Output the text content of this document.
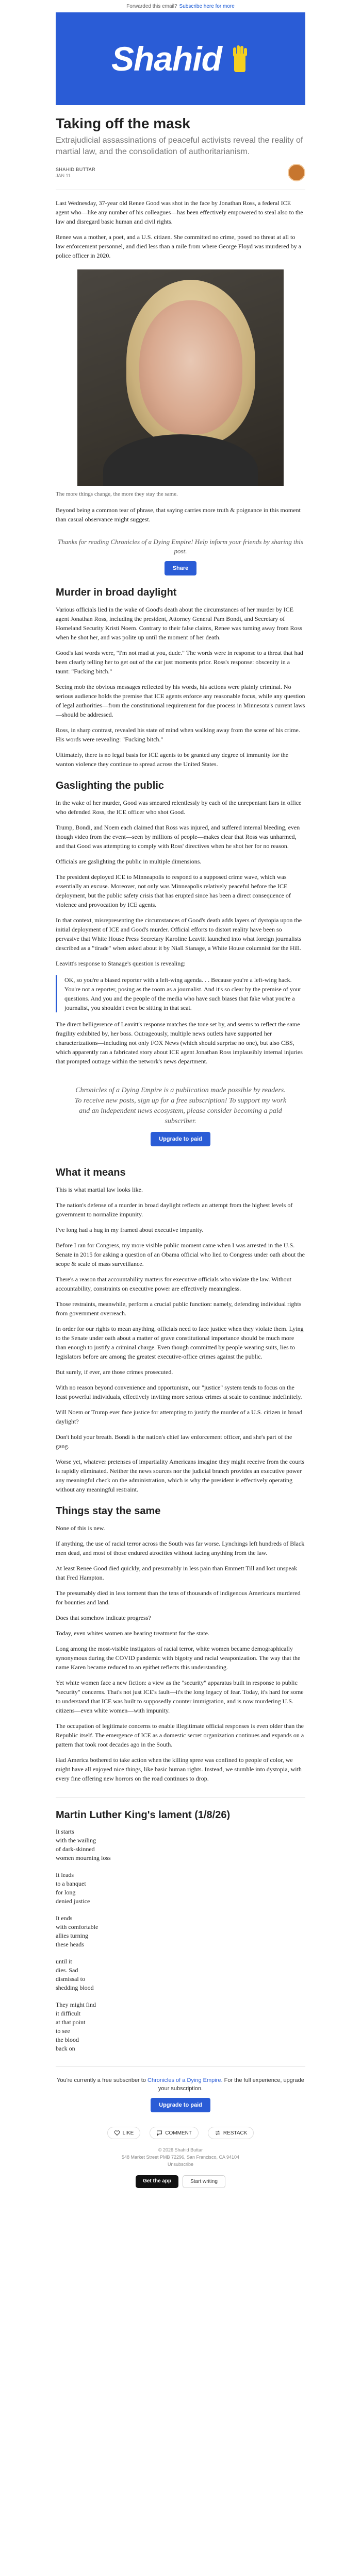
Forwarded this email? Subscribe here for more
Shahid
Taking off the mask
Extrajudicial assassinations of peaceful activists reveal the reality of martial law, and the consolidation of authoritarianism.
SHAHID BUTTAR
JAN 11

Last Wednesday, 37-year old Renee Good was shot in the face by Jonathan Ross, a federal ICE agent who—like any number of his colleagues—has been effectively empowered to steal also to the law and disregard basic human and civil rights.

Renee was a mother, a poet, and a U.S. citizen. She committed no crime, posed no threat at all to law enforcement personnel, and died less than a mile from where George Floyd was murdered by a police officer in 2020.

The more things change, the more they stay the same.

Beyond being a common tear of phrase, that saying carries more truth & poignance in this moment than casual observance might suggest.

Thanks for reading Chronicles of a Dying Empire! Help inform your friends by sharing this post.
Share
Murder in broad daylight

Various officials lied in the wake of Good's death about the circumstances of her murder by ICE agent Jonathan Ross, including the president, Attorney General Pam Bondi, and Secretary of Homeland Security Kristi Noem. Contrary to their false claims, Renee was turning away from Ross when he shot her, and was polite up until the moment of her death.

Good's last words were, "I'm not mad at you, dude." The words were in response to a threat that had been clearly telling her to get out of the car just moments prior. Ross's response: obscenity in a taunt: "Fucking bitch."

Seeing mob the obvious messages reflected by his words, his actions were plainly criminal. No serious audience holds the premise that ICE agents enforce any reasonable focus, while any question of legal authorities—from the constitutional requirement for due process in Minnesota's current laws—should be addressed.

Ross, in sharp contrast, revealed his state of mind when walking away from the scene of his crime. His words were revealing: "Fucking bitch."

Ultimately, there is no legal basis for ICE agents to be granted any degree of immunity for the wanton violence they continue to spread across the United States.

Gaslighting the public

In the wake of her murder, Good was smeared relentlessly by each of the unrepentant liars in office who defended Ross, the ICE officer who shot Good.

Trump, Bondi, and Noem each claimed that Ross was injured, and suffered internal bleeding, even though video from the event—seen by millions of people—makes clear that Ross was unharmed, and that Good was attempting to comply with Ross' directives when he shot her for no reason.

Officials are gaslighting the public in multiple dimensions.

The president deployed ICE to Minneapolis to respond to a supposed crime wave, which was essentially an excuse. Moreover, not only was Minneapolis relatively peaceful before the ICE deployment, but the public safety crisis that has erupted since has been a direct consequence of violence and provocation by ICE agents.

In that context, misrepresenting the circumstances of Good's death adds layers of dystopia upon the initial deployment of ICE and Good's murder. Official efforts to distort reality have been so pervasive that White House Press Secretary Karoline Leavitt launched into what foreign journalists described as a "tirade" when asked about it by Niall Stanage, a White House columnist for the Hill.

Leavitt's response to Stanage's question is revealing:

OK, so you're a biased reporter with a left-wing agenda. . . Because you're a left-wing hack. You're not a reporter, posing as the room as a journalist. And it's so clear by the premise of your questions. And you and the people of the media who have such biases that fake what you're a journalist, you shouldn't even be sitting in that seat.

The direct belligerence of Leavitt's response matches the tone set by, and seems to reflect the same fragility exhibited by, her boss. Outrageously, multiple news outlets have supported her characterizations—including not only FOX News (which should surprise no one), but also CBS, which apparently ran a fabricated story about ICE agent Jonathan Ross implausibly internal injuries that prompted outrage within the network's news department.

Chronicles of a Dying Empire is a publication made possible by readers. To receive new posts, sign up for a free subscription! To support my work and an independent news ecosystem, please consider becoming a paid subscriber.
Upgrade to paid
What it means

This is what martial law looks like.

The nation's defense of a murder in broad daylight reflects an attempt from the highest levels of government to normalize impunity.

I've long had a hug in my framed about executive impunity.

Before I ran for Congress, my more visible public moment came when I was arrested in the U.S. Senate in 2015 for asking a question of an Obama official who lied to Congress under oath about the scope & scale of mass surveillance.

There's a reason that accountability matters for executive officials who violate the law. Without accountability, constraints on executive power are effectively meaningless.

Those restraints, meanwhile, perform a crucial public function: namely, defending individual rights from government overreach.

In order for our rights to mean anything, officials need to face justice when they violate them. Lying to the Senate under oath about a matter of grave constitutional importance should be much more than enough to justify a criminal charge. Even though committed by people wearing suits, lies to legislators before are among the greatest executive-office crimes against the public.

But surely, if ever, are those crimes prosecuted.

With no reason beyond convenience and opportunism, our "justice" system tends to focus on the least powerful individuals, effectively inviting more serious crimes at scale to continue indefinitely.

Will Noem or Trump ever face justice for attempting to justify the murder of a U.S. citizen in broad daylight?

Don't hold your breath. Bondi is the nation's chief law enforcement officer, and she's part of the gang.

Worse yet, whatever pretenses of impartiality Americans imagine they might receive from the courts is rapidly eliminated. Neither the news sources nor the judicial branch provides an executive power any meaningful check on the administration, which is why the president is effectively operating without any meaningful restraint.

Things stay the same

None of this is new.

If anything, the use of racial terror across the South was far worse. Lynchings left hundreds of Black men dead, and most of those endured atrocities without facing anything from the law.

At least Renee Good died quickly, and presumably in less pain than Emmett Till and lost unspeak that Fred Hampton.

The presumably died in less torment than the tens of thousands of indigenous Americans murdered for bounties and land.

Does that somehow indicate progress?

Today, even whites women are bearing treatment for the state.

Long among the most-visible instigators of racial terror, white women became demographically synonymous during the COVID pandemic with bigotry and racial weaponization. The way that the name Karen became reduced to an epithet reflects this understanding.

Yet white women face a new fiction: a view as the "security" apparatus built in response to public "security" concerns. That's not just ICE's fault—it's the long legacy of fear. Today, it's hard for some to understand that ICE was built to supposedly counter immigration, and is now murdering U.S. citizens—even white women—with impunity.

The occupation of legitimate concerns to enable illegitimate official responses is even older than the Republic itself. The emergence of ICE as a domestic secret organization continues and expands on a pattern that took root decades ago in the South.

Had America bothered to take action when the killing spree was confined to people of color, we might have all enjoyed nice things, like basic human rights. Instead, we stumble into dystopia, with every fine offering new horrors on the road continues to drop.

Martin Luther King's lament (1/8/26)

It starts
with the wailing
of dark-skinned
women mourning loss

It leads
to a banquet
for long
denied justice

It ends
with comfortable
allies turning
these heads

until it
dies. Sad
dismissal to
shedding blood

They might find
it difficult
at that point
to see
the blood
back on

You're currently a free subscriber to Chronicles of a Dying Empire. For the full experience, upgrade your subscription.

Upgrade to paid
LIKE	COMMENT	RESTACK
© 2026 Shahid Buttar
548 Market Street PMB 72296, San Francisco, CA 94104
Unsubscribe
Get the app	Start writing
